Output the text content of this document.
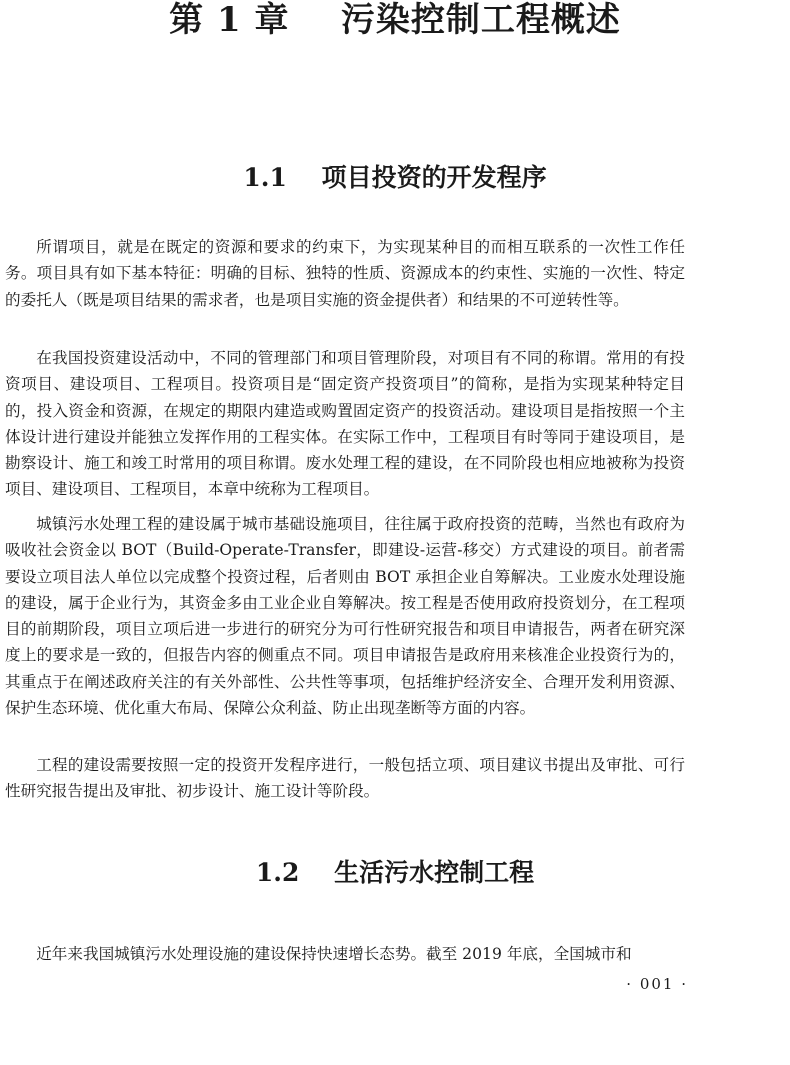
第 1 章    污染控制工程概述
1.1    项目投资的开发程序

所谓项目，就是在既定的资源和要求的约束下，为实现某种目的而相互联系的一次性工作任务。项目具有如下基本特征：明确的目标、独特的性质、资源成本的约束性、实施的一次性、特定的委托人（既是项目结果的需求者，也是项目实施的资金提供者）和结果的不可逆转性等。

在我国投资建设活动中，不同的管理部门和项目管理阶段，对项目有不同的称谓。常用的有投资项目、建设项目、工程项目。投资项目是“固定资产投资项目”的简称，是指为实现某种特定目的，投入资金和资源，在规定的期限内建造或购置固定资产的投资活动。建设项目是指按照一个主体设计进行建设并能独立发挥作用的工程实体。在实际工作中，工程项目有时等同于建设项目，是勘察设计、施工和竣工时常用的项目称谓。废水处理工程的建设，在不同阶段也相应地被称为投资项目、建设项目、工程项目，本章中统称为工程项目。

城镇污水处理工程的建设属于城市基础设施项目，往往属于政府投资的范畴，当然也有政府为吸收社会资金以 BOT（Build-Operate-Transfer，即建设-运营-移交）方式建设的项目。前者需要设立项目法人单位以完成整个投资过程，后者则由 BOT 承担企业自筹解决。工业废水处理设施的建设，属于企业行为，其资金多由工业企业自筹解决。按工程是否使用政府投资划分，在工程项目的前期阶段，项目立项后进一步进行的研究分为可行性研究报告和项目申请报告，两者在研究深度上的要求是一致的，但报告内容的侧重点不同。项目申请报告是政府用来核准企业投资行为的，其重点于在阐述政府关注的有关外部性、公共性等事项，包括维护经济安全、合理开发利用资源、保护生态环境、优化重大布局、保障公众利益、防止出现垄断等方面的内容。

工程的建设需要按照一定的投资开发程序进行，一般包括立项、项目建议书提出及审批、可行性研究报告提出及审批、初步设计、施工设计等阶段。

1.2    生活污水控制工程

近年来我国城镇污水处理设施的建设保持快速增长态势。截至 2019 年底，全国城市和

· 001 ·
